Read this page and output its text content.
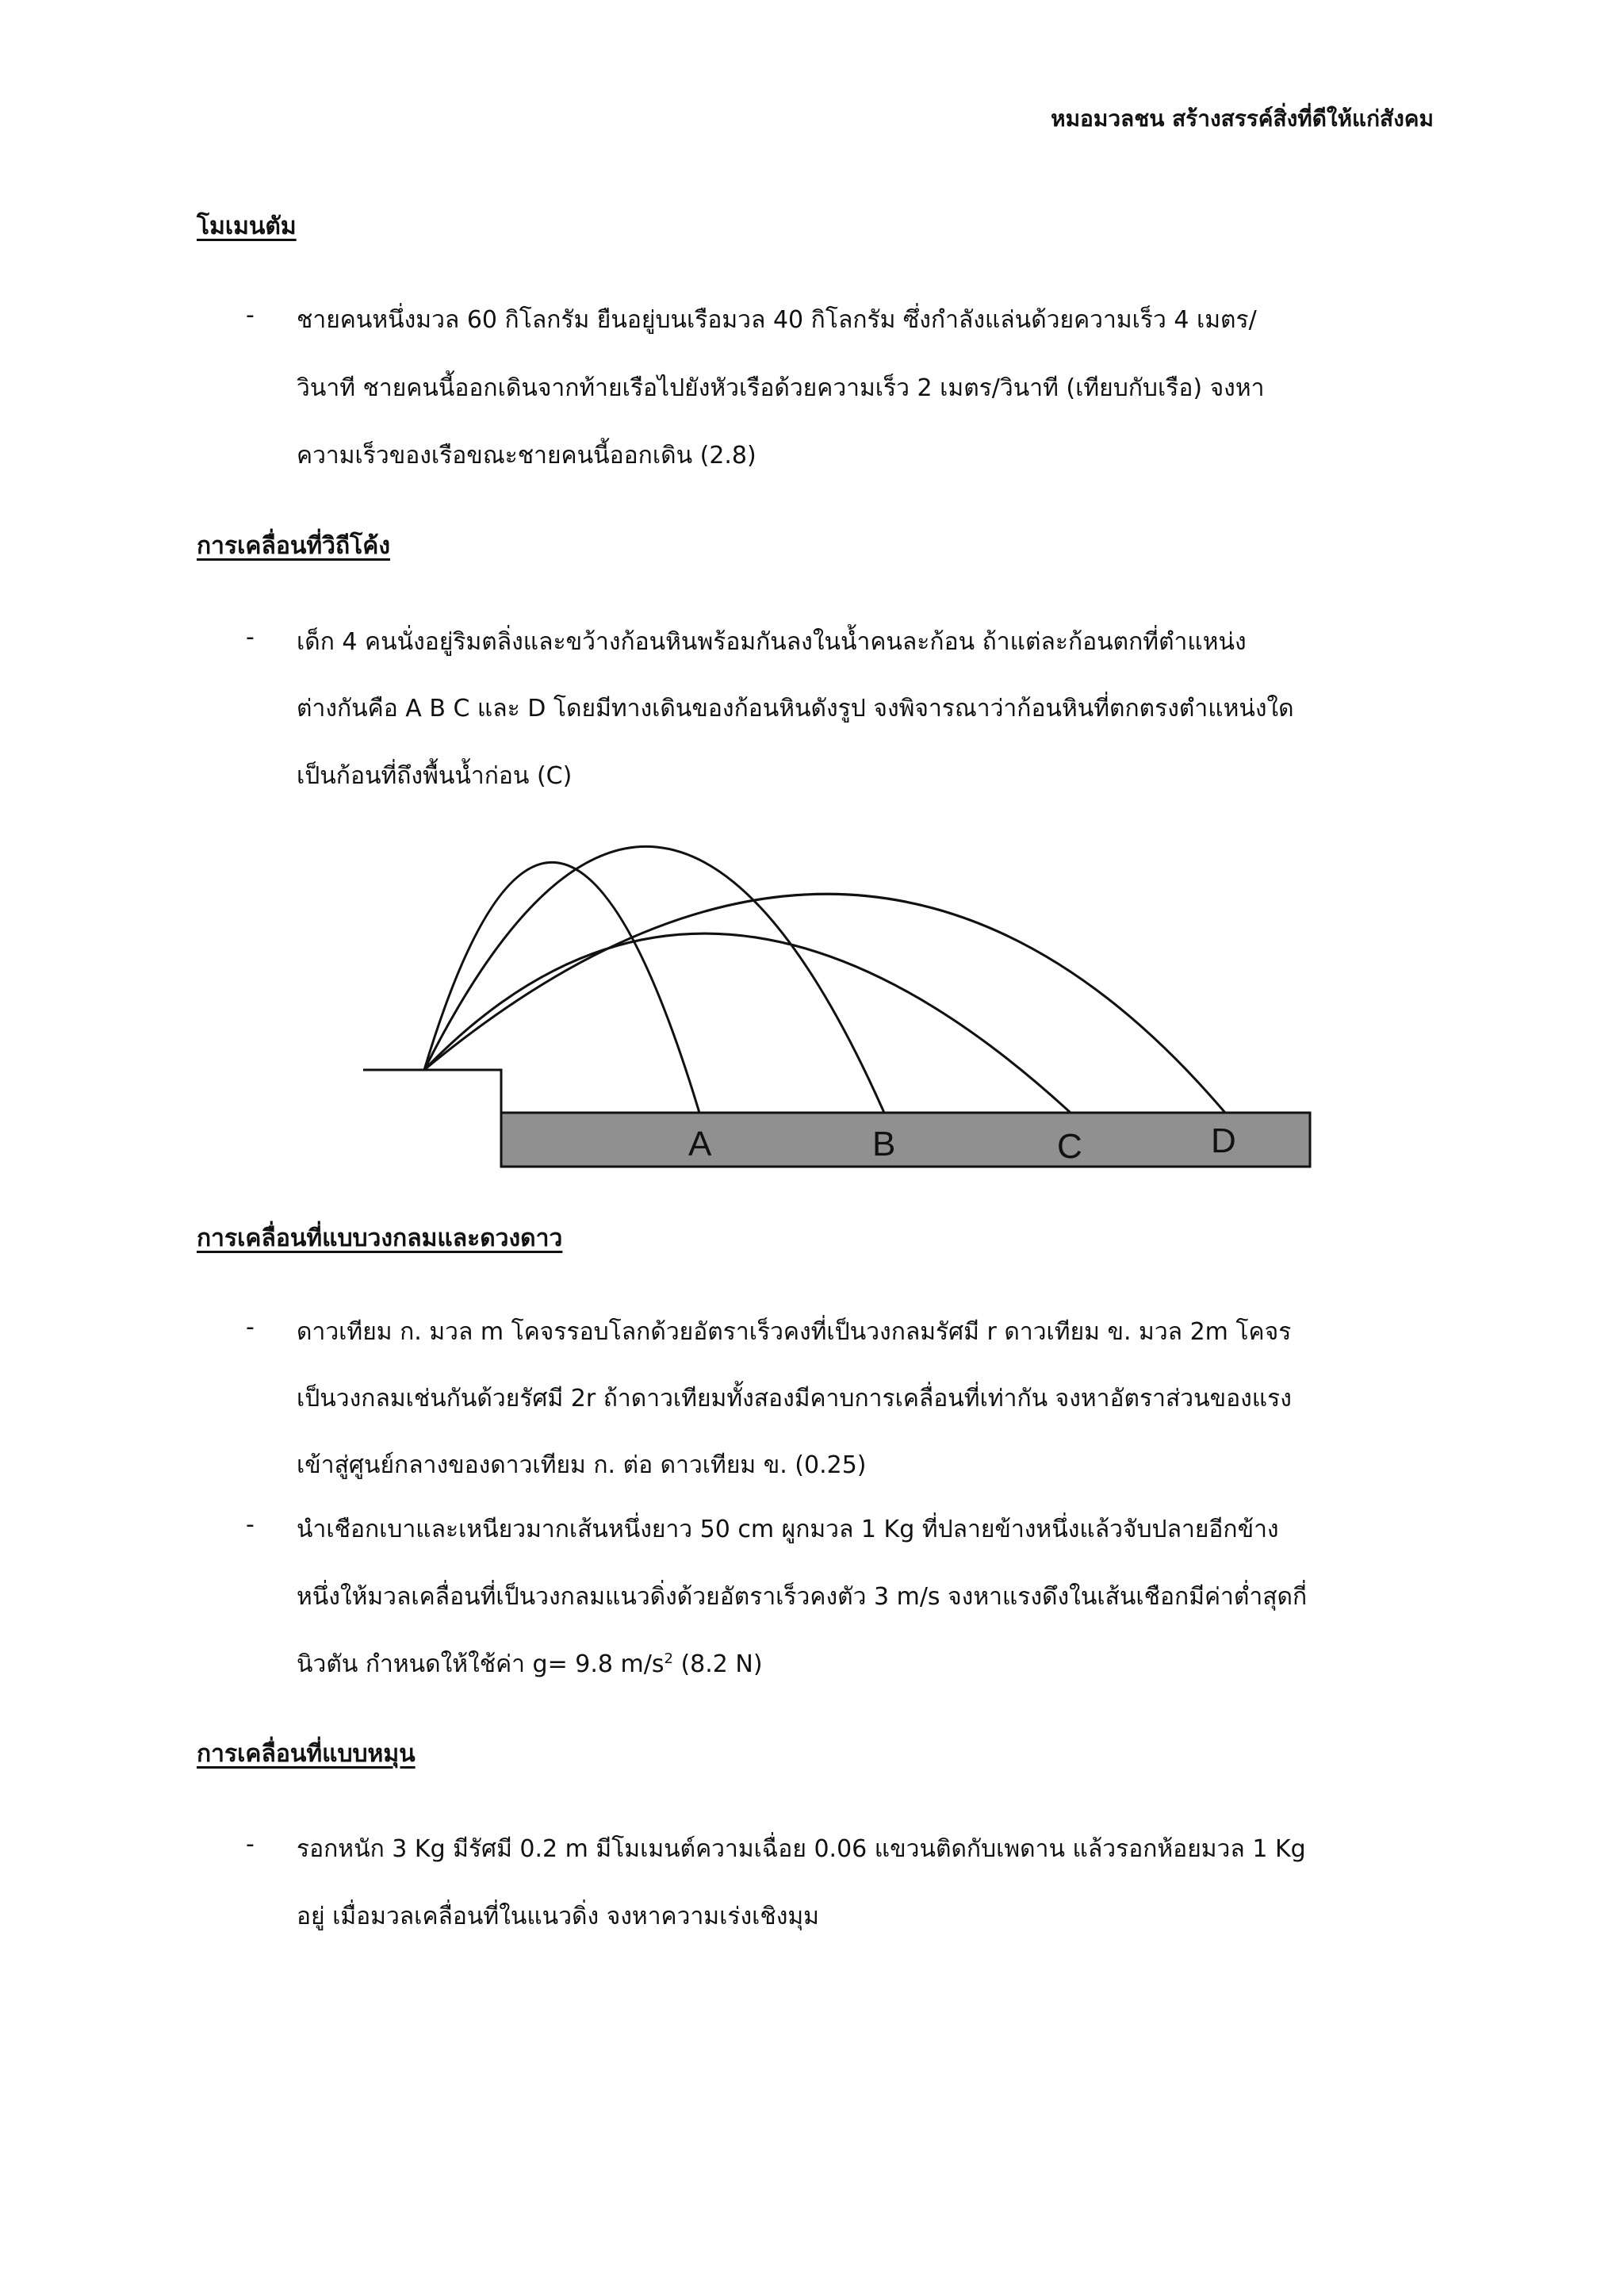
หมอมวลชน สร้างสรรค์สิ่งที่ดีให้แก่สังคม
โมเมนตัม
- ชายคนหนึ่งมวล 60 กิโลกรัม ยืนอยู่บนเรือมวล 40 กิโลกรัม ซึ่งกำลังแล่นด้วยความเร็ว 4 เมตร/
วินาที ชายคนนี้ออกเดินจากท้ายเรือไปยังหัวเรือด้วยความเร็ว 2 เมตร/วินาที (เทียบกับเรือ) จงหา
ความเร็วของเรือขณะชายคนนี้ออกเดิน (2.8)
การเคลื่อนที่วิถีโค้ง
- เด็ก 4 คนนั่งอยู่ริมตลิ่งและขว้างก้อนหินพร้อมกันลงในน้ำคนละก้อน ถ้าแต่ละก้อนตกที่ตำแหน่ง
ต่างกันคือ A B C และ D โดยมีทางเดินของก้อนหินดังรูป จงพิจารณาว่าก้อนหินที่ตกตรงตำแหน่งใด
เป็นก้อนที่ถึงพื้นน้ำก่อน (C)
A	B	C	D
การเคลื่อนที่แบบวงกลมและดวงดาว
- ดาวเทียม ก. มวล m โคจรรอบโลกด้วยอัตราเร็วคงที่เป็นวงกลมรัศมี r ดาวเทียม ข. มวล 2m โคจร
เป็นวงกลมเช่นกันด้วยรัศมี 2r ถ้าดาวเทียมทั้งสองมีคาบการเคลื่อนที่เท่ากัน จงหาอัตราส่วนของแรง
เข้าสู่ศูนย์กลางของดาวเทียม ก. ต่อ ดาวเทียม ข. (0.25)
- นำเชือกเบาและเหนียวมากเส้นหนึ่งยาว 50 cm ผูกมวล 1 Kg ที่ปลายข้างหนึ่งแล้วจับปลายอีกข้าง
หนึ่งให้มวลเคลื่อนที่เป็นวงกลมแนวดิ่งด้วยอัตราเร็วคงตัว 3 m/s จงหาแรงดึงในเส้นเชือกมีค่าต่ำสุดกี่
นิวตัน กำหนดให้ใช้ค่า g= 9.8 $m/s^2$ (8.2 N)
การเคลื่อนที่แบบหมุน
- รอกหนัก 3 Kg มีรัศมี 0.2 m มีโมเมนต์ความเฉื่อย 0.06 แขวนติดกับเพดาน แล้วรอกห้อยมวล 1 Kg
อยู่ เมื่อมวลเคลื่อนที่ในแนวดิ่ง จงหาความเร่งเชิงมุม
